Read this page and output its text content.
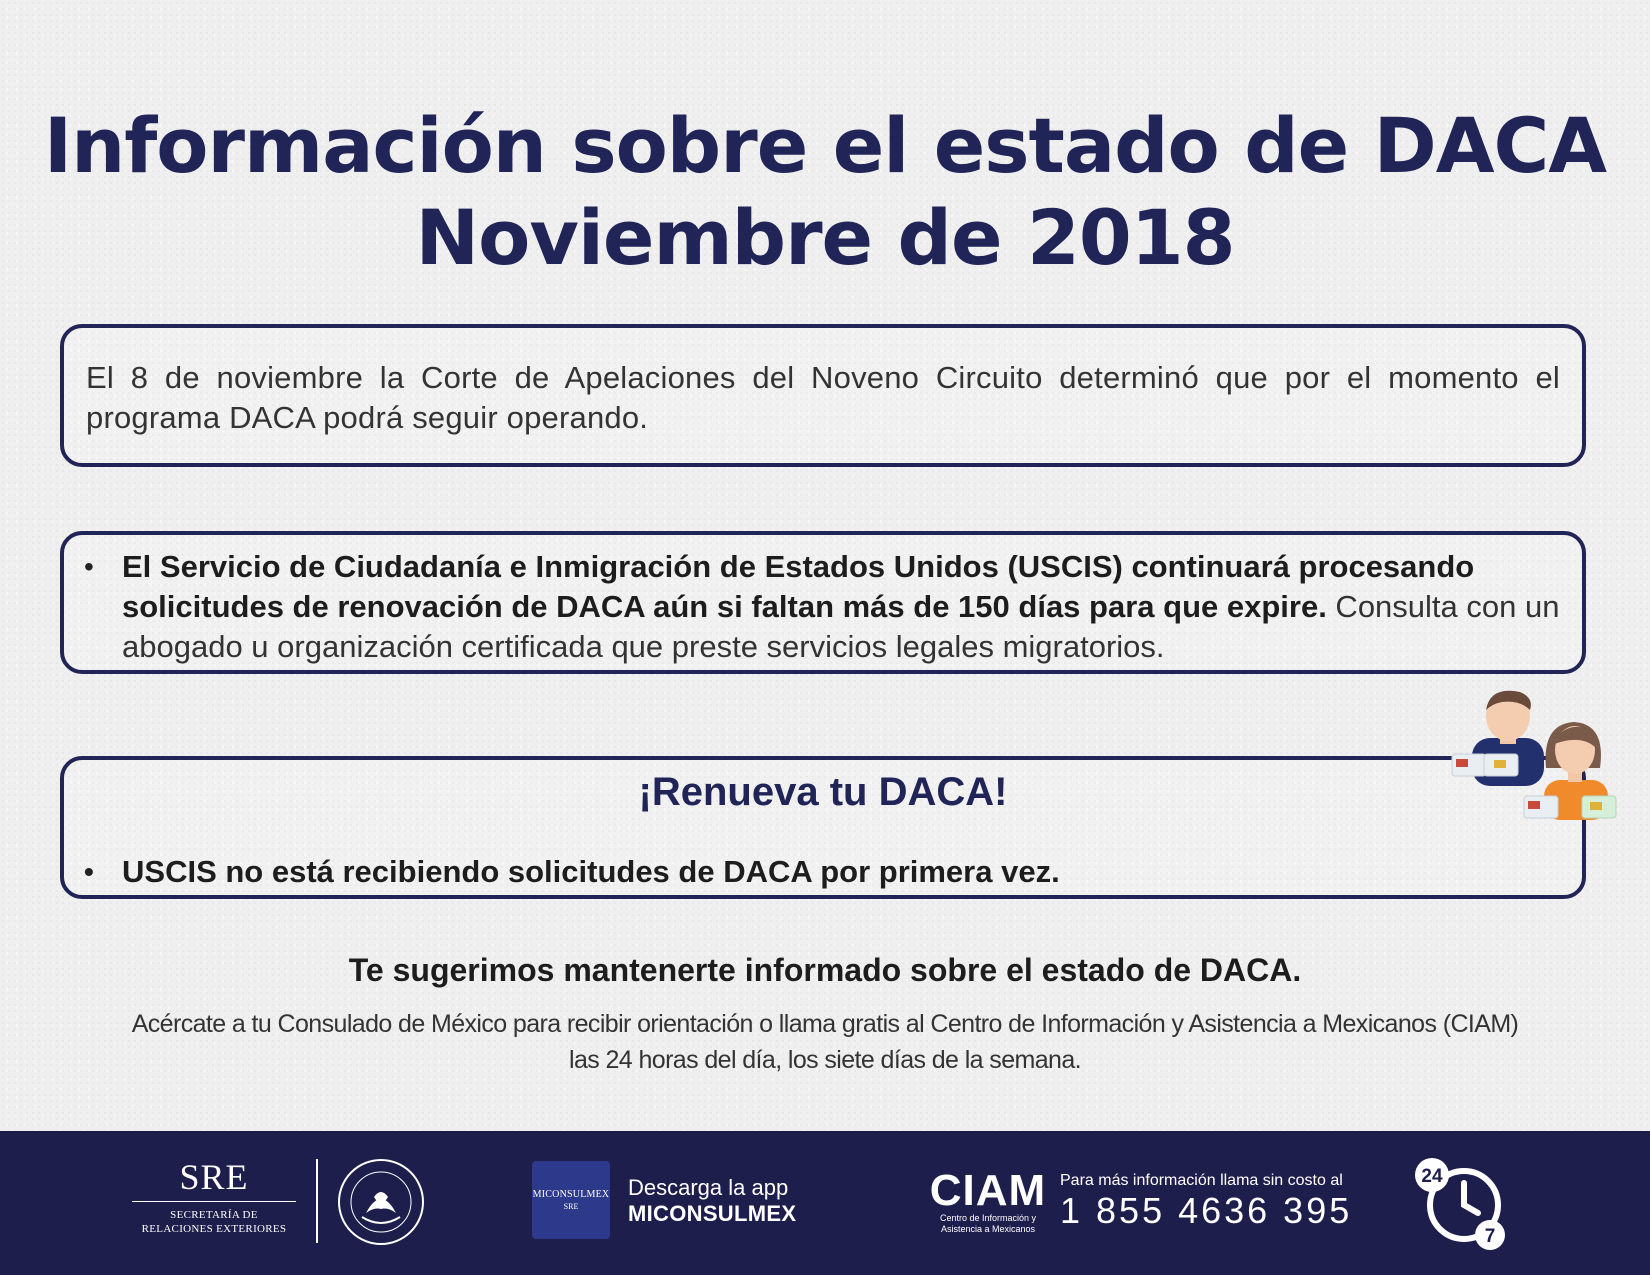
Información sobre el estado de DACA
Noviembre de 2018

El 8 de noviembre la Corte de Apelaciones del Noveno Circuito determinó que por el momento el programa DACA podrá seguir operando.

• El Servicio de Ciudadanía e Inmigración de Estados Unidos (USCIS) continuará procesando solicitudes de renovación de DACA aún si faltan más de 150 días para que expire. Consulta con un abogado u organización certificada que preste servicios legales migratorios.
¡Renueva tu DACA!
• USCIS no está recibiendo solicitudes de DACA por primera vez.
Te sugerimos mantenerte informado sobre el estado de DACA.
Acércate a tu Consulado de México para recibir orientación o llama gratis al Centro de Información y Asistencia a Mexicanos (CIAM)
las 24 horas del día, los siete días de la semana.
SRE
SECRETARÍA DE
RELACIONES EXTERIORES
MICONSULMEX
SRE
Descarga la app
MICONSULMEX	CIAM
Centro de Información y
Asistencia a Mexicanos
Para más información llama sin costo al
1 855 4636 395
24
7
